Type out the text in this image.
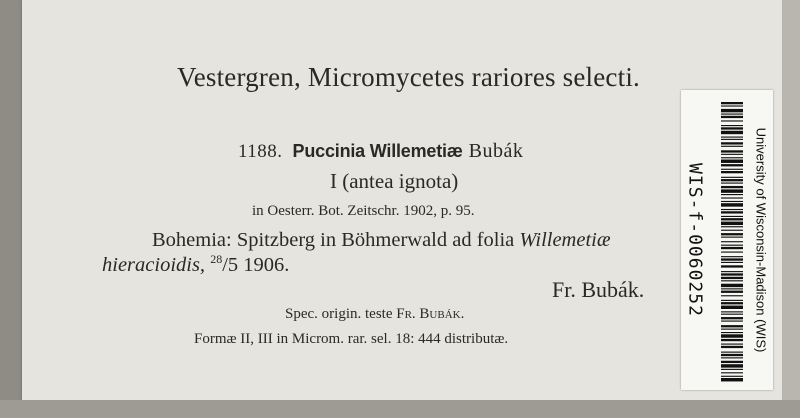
Vestergren, Micromycetes rariores selecti.
1188. Puccinia Willemetiæ Bubák
I (antea ignota)
in Oesterr. Bot. Zeitschr. 1902, p. 95.
Bohemia: Spitzberg in Böhmerwald ad folia Willemetiæ
hieracioidis, $^{28}$/5 1906.
Fr. Bubák.
Spec. origin. teste Fr. Bubák.
Formæ II, III in Microm. rar. sel. 18: 444 distributæ.
WIS-f-0060252	University of Wisconsin-Madison (WIS)
